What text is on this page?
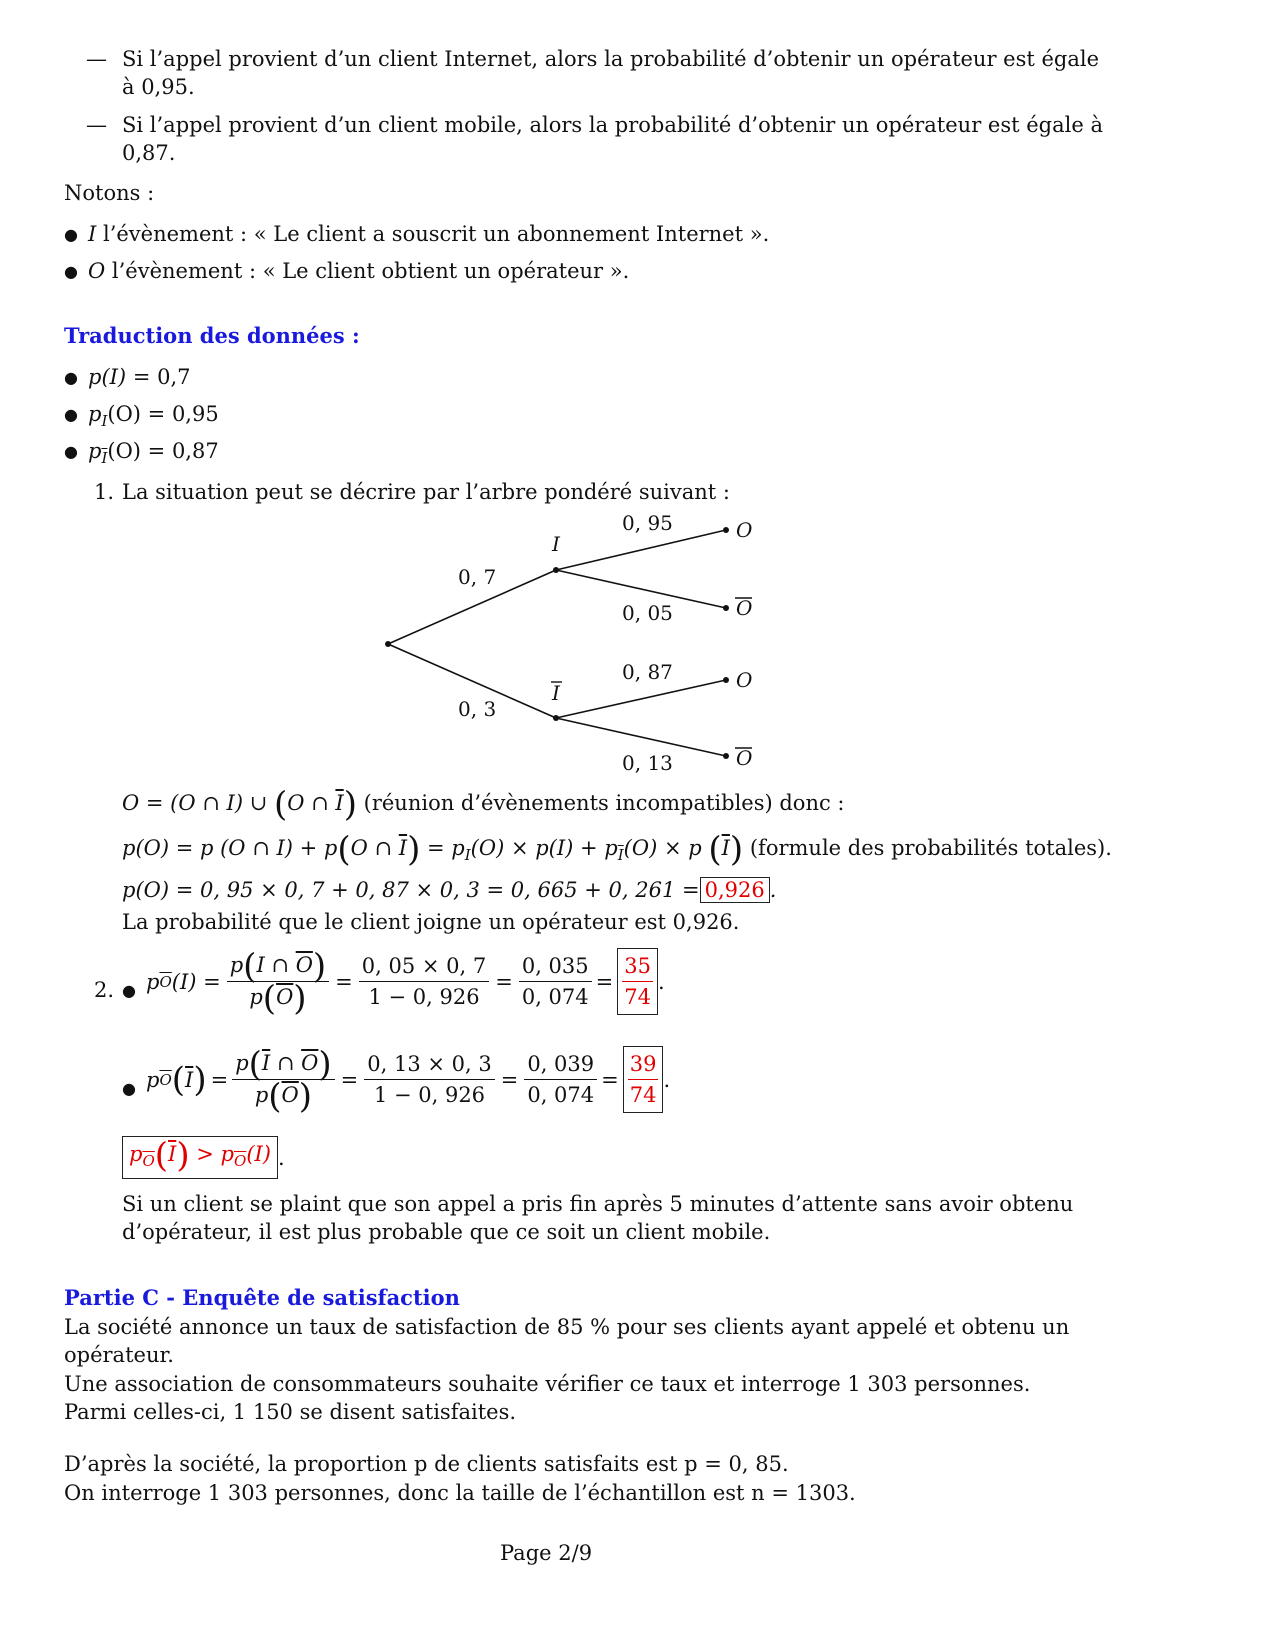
— Si l’appel provient d’un client Internet, alors la probabilité d’obtenir un opérateur est égale
à 0,95.
— Si l’appel provient d’un client mobile, alors la probabilité d’obtenir un opérateur est égale à
0,87.
Notons :
● I l’évènement : « Le client a souscrit un abonnement Internet ».
● O l’évènement : « Le client obtient un opérateur ».
Traduction des données :
● p(I) = 0,7
● $p_I(O) = 0,95$
● $p_{\overline{I}}(O) = 0,87$
1. La situation peut se décrire par l’arbre pondéré suivant :
I
I
O
O
O
O
0, 7
0, 3
0, 95
0, 05
0, 87
0, 13
O = (O ∩ I) ∪ (O ∩ $\overline{I}$) (réunion d’évènements incompatibles) donc :
p(O) = p (O ∩ I) + p(O ∩ $\overline{I}) = p_I(O) \times p(I) + p_{\overline{I}}(O) \times p$ $(\overline{I})$ (formule des probabilités totales).
p(O) = 0, 95 × 0, 7 + 0, 87 × 0, 3 = 0, 665 + 0, 261 = 0,926 .
La probabilité que le client joigne un opérateur est 0,926.
2. ● p $\overline{O}$ $(I) = \frac{p(I \cap \overline{O})}{p(\overline{O})} = \frac{0, 05 \times 0, 7}{1 - 0, 926} = \frac{0, 035}{0, 074} = \frac{35}{74}$ .
● p $\overline{O}$ ( $\overline{I}$ ) = $\frac{p(\overline{I} \cap \overline{O})}{p(\overline{O})} = \frac{0, 13 \times 0, 3}{1 - 0, 926} = \frac{0, 039}{0, 074} = \frac{39}{74}$ .
$p_{\overline{O}}(\overline{I}) > p_{\overline{O}}(I)$ .
Si un client se plaint que son appel a pris fin après 5 minutes d’attente sans avoir obtenu
d’opérateur, il est plus probable que ce soit un client mobile.
Partie C - Enquête de satisfaction
La société annonce un taux de satisfaction de 85 % pour ses clients ayant appelé et obtenu un
opérateur.
Une association de consommateurs souhaite vérifier ce taux et interroge 1 303 personnes.
Parmi celles-ci, 1 150 se disent satisfaites.
D’après la société, la proportion p de clients satisfaits est p = 0, 85.
On interroge 1 303 personnes, donc la taille de l’échantillon est n = 1303.
Page 2/9
